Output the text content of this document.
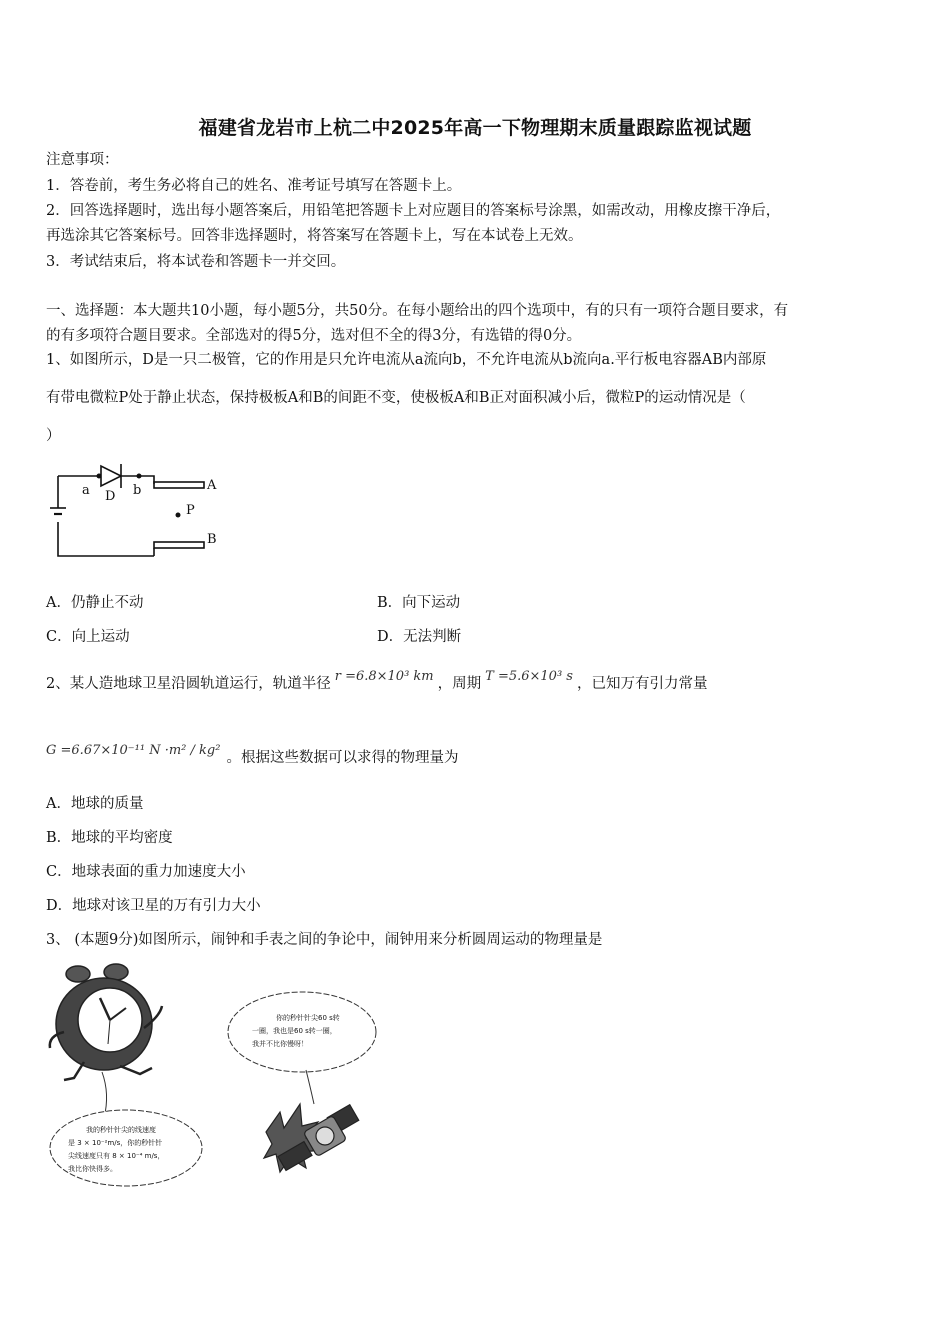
福建省龙岩市上杭二中2025年高一下物理期末质量跟踪监视试题
注意事项：
1．答卷前，考生务必将自己的姓名、准考证号填写在答题卡上。
2．回答选择题时，选出每小题答案后，用铅笔把答题卡上对应题目的答案标号涂黑，如需改动，用橡皮擦干净后，
再选涂其它答案标号。回答非选择题时，将答案写在答题卡上，写在本试卷上无效。
3．考试结束后，将本试卷和答题卡一并交回。
一、选择题：本大题共10小题，每小题5分，共50分。在每小题给出的四个选项中，有的只有一项符合题目要求，有
的有多项符合题目要求。全部选对的得5分，选对但不全的得3分，有选错的得0分。
1、如图所示，D是一只二极管，它的作用是只允许电流从a流向b，不允许电流从b流向a.平行板电容器AB内部原
有带电微粒P处于静止状态，保持极板A和B的间距不变，使极板A和B正对面积减小后，微粒P的运动情况是（
）
a D b	A
P
B
A．仍静止不动	B．向下运动
C．向上运动	D．无法判断
2、某人造地球卫星沿圆轨道运行，轨道半径 r =6.8×10³ km ，周期 T =5.6×10³ s ，已知万有引力常量
G =6.67×10⁻¹¹ N ·m² / kg² 。根据这些数据可以求得的物理量为
A．地球的质量
B．地球的平均密度
C．地球表面的重力加速度大小
D．地球对该卫星的万有引力大小
3、 (本题9分)如图所示，闹钟和手表之间的争论中，闹钟用来分析圆周运动的物理量是
我的秒针针尖的线速度
是 3 × 10⁻²m/s，你的秒针针
尖线速度只有 8 × 10⁻⁴ m/s，
我比你快得多。
你的秒针针尖60 s转
一圈，我也是60 s转一圈，
我并不比你慢呀！
